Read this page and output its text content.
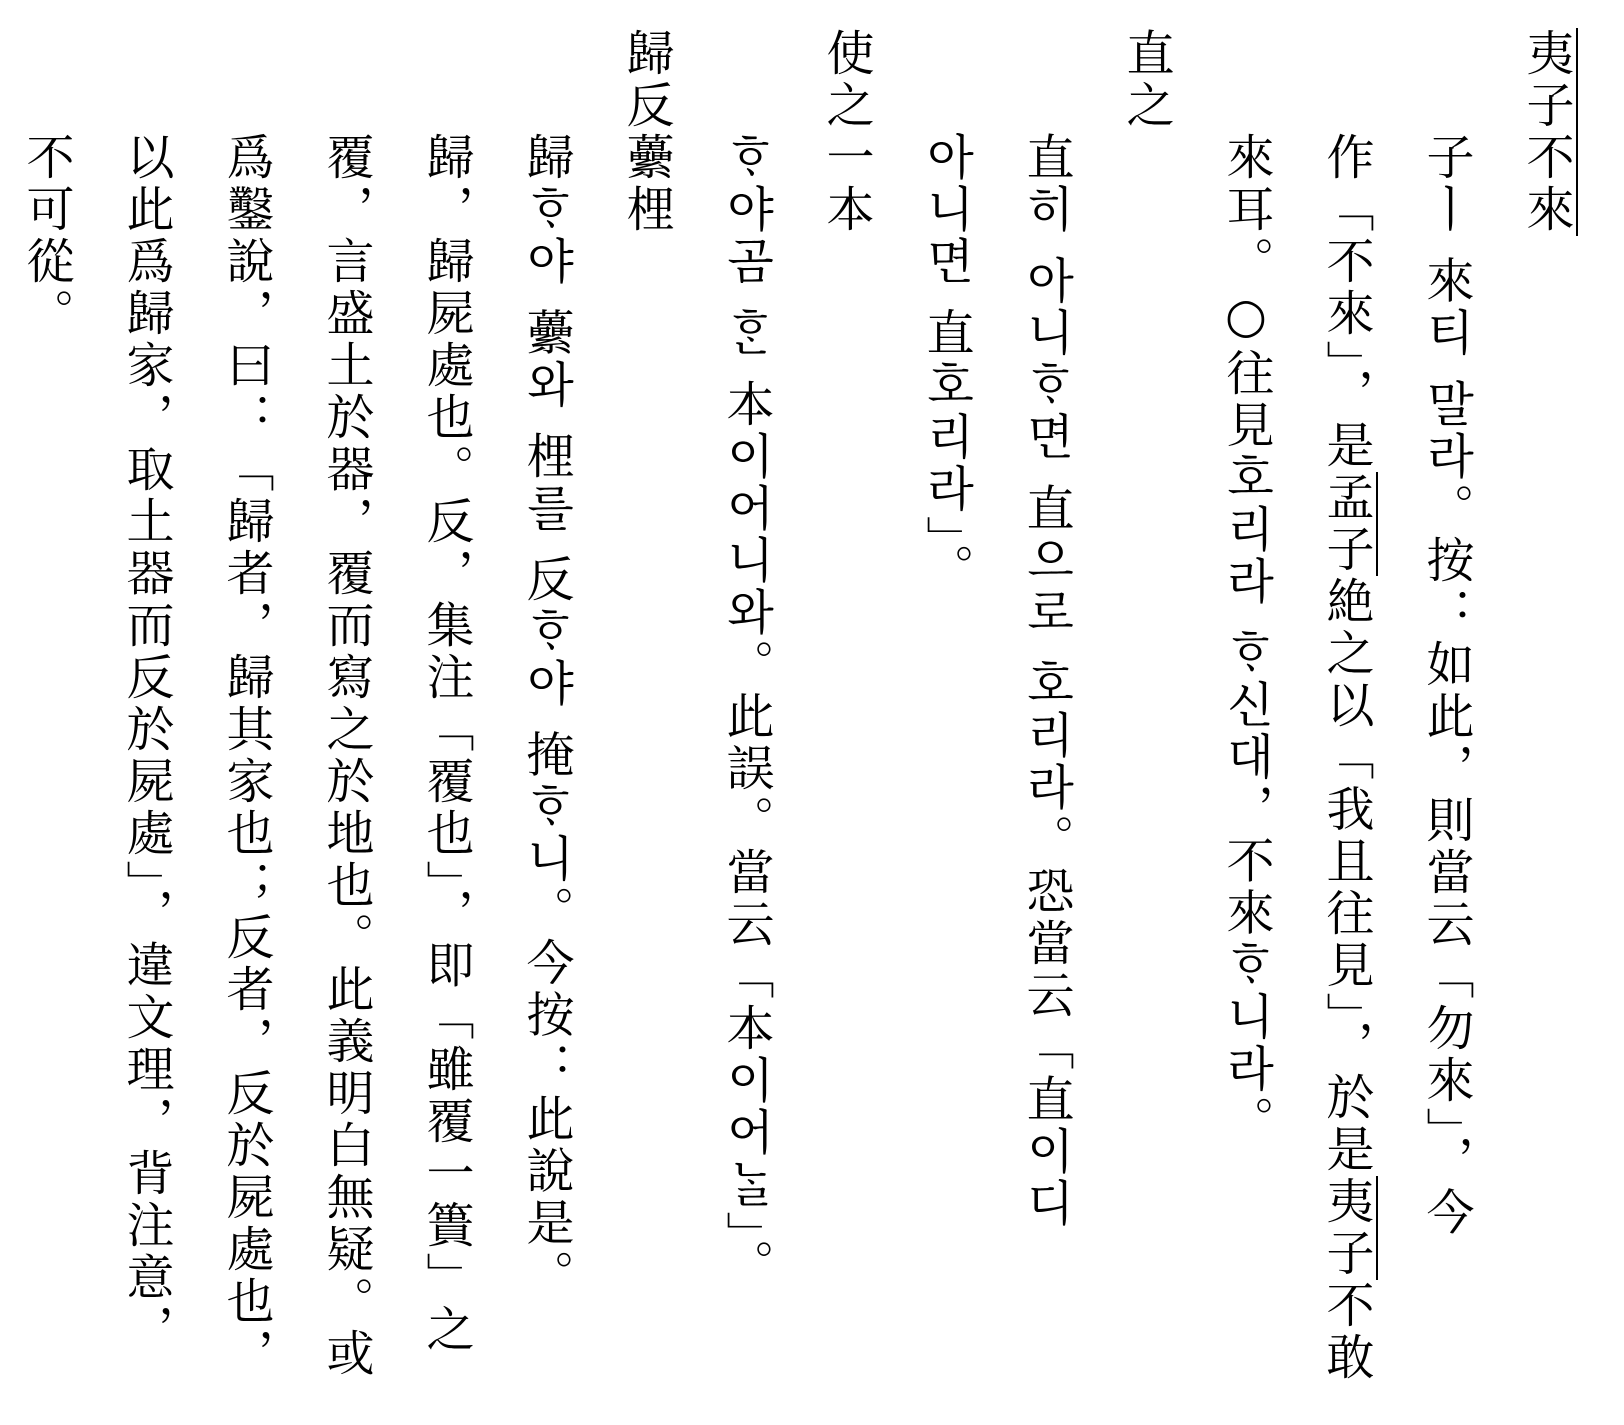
夷子不來
子ㅣ 來티 말라。按：如此，則當云「勿來」，今
作「不來」，是孟子絶之以「我且往見」，於是夷子不敢
來耳。○往見호리라 ᄒᆞ신대，不來ᄒᆞ니라。
直之
直히 아니ᄒᆞ면 直으로 호리라。恐當云「直이디
아니면 直호리라」。
使之一本
ᄒᆞ야곰 ᄒᆞᆫ 本이어니와。此誤。當云「本이어ᄂᆞᆯ」。
歸反虆梩
歸ᄒᆞ야 虆와 梩를 反ᄒᆞ야 掩ᄒᆞ니。今按：此說是。
歸，歸屍處也。反，集注「覆也」，即「雖覆一簣」之
覆，言盛土於器，覆而寫之於地也。此義明白無疑。或
爲鑿說，曰：「歸者，歸其家也；反者，反於屍處也，
以此爲歸家，取土器而反於屍處」，違文理，背注意，
不可從。
